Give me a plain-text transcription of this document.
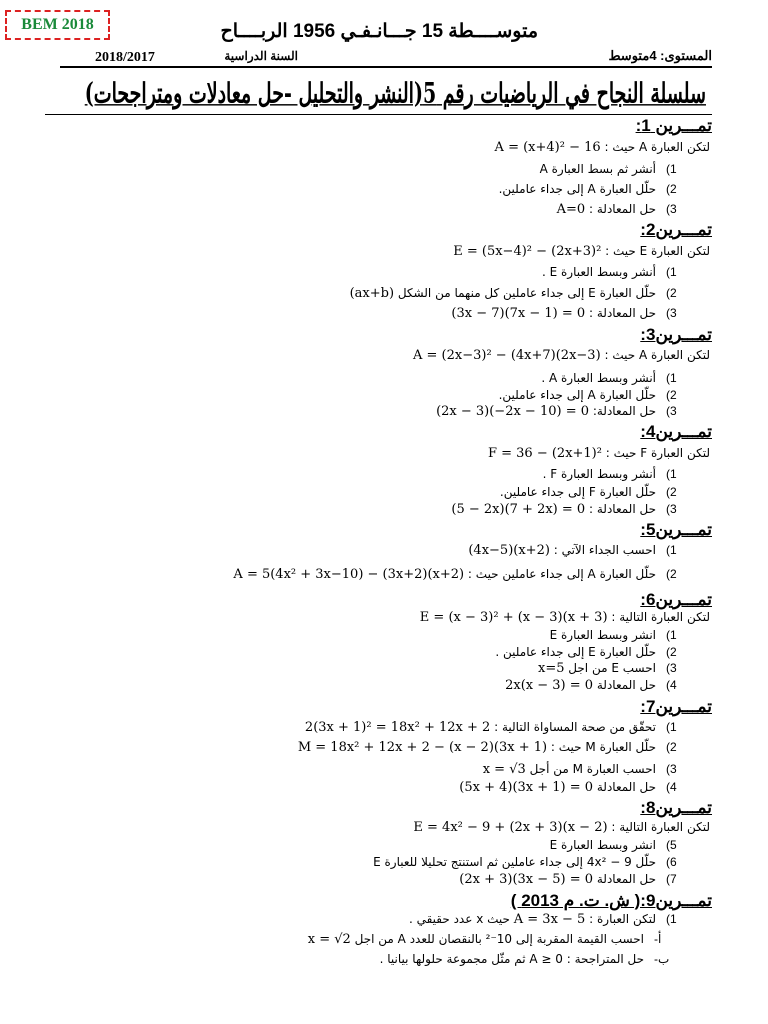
BEM 2018	متوســــطة 15 جـــانـفـي 1956 الربــــاح
المستوى: 4متوسط
السنة الدراسية
2018/2017
سلسلة النجاح في الرياضيات رقم 5(النشر والتحليل -حل معادلات ومتراجحات)
تمـــرين 1:
لتكن العبارة A حيث : A = (x+4)² − 16
1)أنشر ثم بسط العبارة A
2)حلّل العبارة A إلى جداء عاملين.
3)حل المعادلة : A=0
تمـــرين2:
لتكن العبارة E حيث : E = (5x−4)² − (2x+3)²
1)أنشر وبسط العبارة E .
2)حلّل العبارة E إلى جداء عاملين كل منهما من الشكل (ax+b)
3)حل المعادلة : (3x − 7)(7x − 1) = 0
تمـــرين3:
لتكن العبارة A حيث : A = (2x−3)² − (4x+7)(2x−3)
1)أنشر وبسط العبارة A .
2)حلّل العبارة A إلى جداء عاملين.
3)حل المعادلة: (2x − 3)(−2x − 10) = 0
تمـــرين4:
لتكن العبارة F حيث : F = 36 − (2x+1)²
1)أنشر وبسط العبارة F .
2)حلّل العبارة F إلى جداء عاملين.
3)حل المعادلة : (5 − 2x)(7 + 2x) = 0
تمـــرين5:
1)احسب الجداء الآتي : (4x−5)(x+2)
2)حلّل العبارة A إلى جداء عاملين حيث : A = 5(4x² + 3x−10) − (3x+2)(x+2)
تمـــرين6:
لتكن العبارة التالية : E = (x − 3)² + (x − 3)(x + 3)
1)انشر وبسط العبارة E
2)حلّل العبارة E إلى جداء عاملين .
3)احسب E من اجل x=5
4)حل المعادلة 2x(x − 3) = 0
تمـــرين7:
1)تحقّق من صحة المساواة التالية : 2(3x + 1)² = 18x² + 12x + 2
2)حلّل العبارة M حيث : M = 18x² + 12x + 2 − (x − 2)(3x + 1)
3)احسب العبارة M من أجل x = √3
4)حل المعادلة (5x + 4)(3x + 1) = 0
تمـــرين8:
لتكن العبارة التالية : E = 4x² − 9 + (2x + 3)(x − 2)
5)انشر وبسط العبارة E
6)حلّل 9 − 4x² إلى جداء عاملين ثم استنتج تحليلا للعبارة E
7)حل المعادلة (2x + 3)(3x − 5) = 0
تمـــرين9:( ش. ت. م 2013 )
1)لتكن العبارة : A = 3x − 5 حيث x عدد حقيقي .
أ-احسب القيمة المقربة إلى 10⁻² بالنقصان للعدد A من اجل x = √2
ب-حل المتراجحة : A ≥ 0 ثم مثّل مجموعة حلولها بيانيا .
